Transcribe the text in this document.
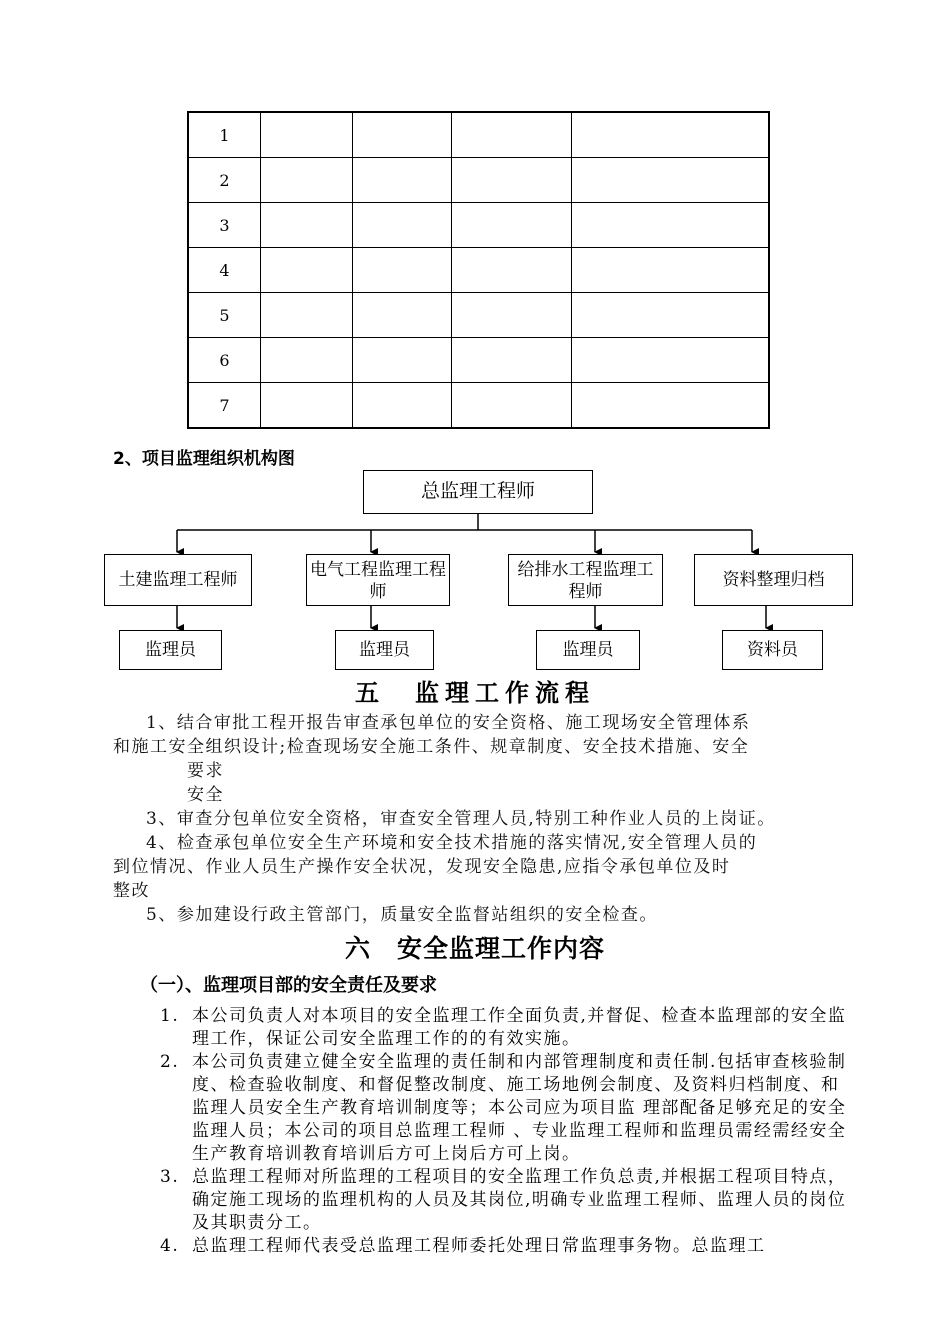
1				
2				
3				
4				
5				
6				
7				
2、项目监理组织机构图
总监理工程师
土建监理工程师	电气工程监理工程师
给排水工程监理工程师
资料整理归档
监理员	监理员	监理员	资料员
五　监理工作流程
1、结合审批工程开报告审查承包单位的安全资格、施工现场安全管理体系
和施工安全组织设计;检查现场安全施工条件、规章制度、安全技术措施、安全
　　　　要求
　　　　安全
3、审查分包单位安全资格，审查安全管理人员,特别工种作业人员的上岗证。
4、检查承包单位安全生产环境和安全技术措施的落实情况,安全管理人员的
到位情况、作业人员生产操作安全状况，发现安全隐患,应指令承包单位及时
整改
5、参加建设行政主管部门，质量安全监督站组织的安全检查。
六　安全监理工作内容
（一）、监理项目部的安全责任及要求
1. 本公司负责人对本项目的安全监理工作全面负责,并督促、检查本监理部的安全监理工作，保证公司安全监理工作的的有效实施。
2. 本公司负责建立健全安全监理的责任制和内部管理制度和责任制.包括审查核验制度、检查验收制度、和督促整改制度、施工场地例会制度、及资料归档制度、和监理人员安全生产教育培训制度等；本公司应为项目监 理部配备足够充足的安全监理人员；本公司的项目总监理工程师 、专业监理工程师和监理员需经需经安全生产教育培训教育培训后方可上岗后方可上岗。
3. 总监理工程师对所监理的工程项目的安全监理工作负总责,并根据工程项目特点，确定施工现场的监理机构的人员及其岗位,明确专业监理工程师、监理人员的岗位及其职责分工。
4. 总监理工程师代表受总监理工程师委托处理日常监理事务物。总监理工
